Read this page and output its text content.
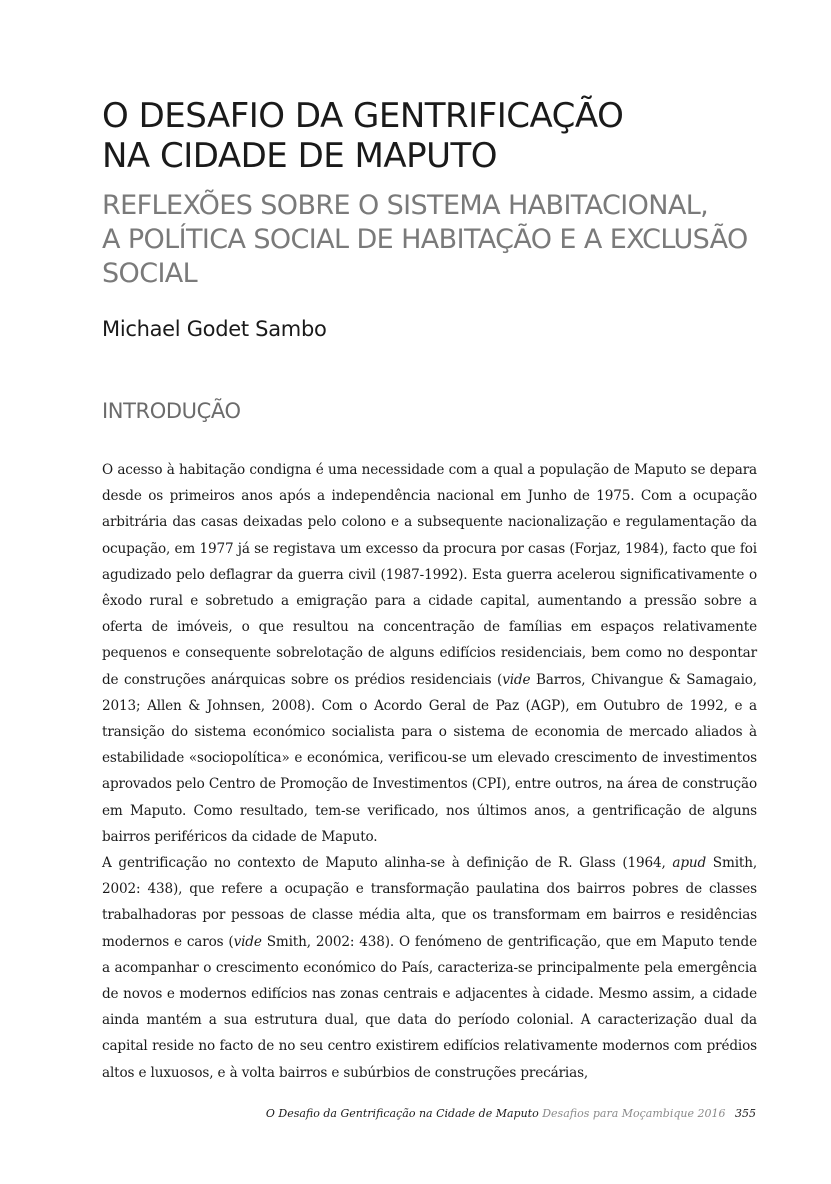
O DESAFIO DA GENTRIFICAÇÃO
NA CIDADE DE MAPUTO
REFLEXÕES SOBRE O SISTEMA HABITACIONAL,
A POLÍTICA SOCIAL DE HABITAÇÃO E A EXCLUSÃO
SOCIAL
Michael Godet Sambo
INTRODUÇÃO

O acesso à habitação condigna é uma necessidade com a qual a população de Maputo se depara desde os primeiros anos após a independência nacional em Junho de 1975. Com a ocupação arbitrária das casas deixadas pelo colono e a subsequente nacionalização e regulamentação da ocupação, em 1977 já se registava um excesso da procura por casas (Forjaz, 1984), facto que foi agudizado pelo deflagrar da guerra civil (1987-1992). Esta guerra acelerou significativamente o êxodo rural e sobretudo a emigração para a cidade capital, aumentando a pressão sobre a oferta de imóveis, o que resultou na concentração de famílias em espaços relativamente pequenos e consequente sobrelotação de alguns edifícios residenciais, bem como no despontar de construções anárquicas sobre os prédios residenciais (vide Barros, Chivangue & Samagaio, 2013; Allen & Johnsen, 2008). Com o Acordo Geral de Paz (AGP), em Outubro de 1992, e a transição do sistema económico socialista para o sistema de economia de mercado aliados à estabilidade «sociopolítica» e económica, verificou-se um elevado crescimento de investimentos aprovados pelo Centro de Promoção de Investimentos (CPI), entre outros, na área de construção em Maputo. Como resultado, tem-se verificado, nos últimos anos, a gentrificação de alguns bairros periféricos da cidade de Maputo.

A gentrificação no contexto de Maputo alinha-se à definição de R. Glass (1964, apud Smith, 2002: 438), que refere a ocupação e transformação paulatina dos bairros pobres de classes trabalhadoras por pessoas de classe média alta, que os transformam em bairros e residências modernos e caros (vide Smith, 2002: 438). O fenómeno de gentrificação, que em Maputo tende a acompanhar o crescimento económico do País, caracteriza-se principalmente pela emergência de novos e modernos edifícios nas zonas centrais e adjacentes à cidade. Mesmo assim, a cidade ainda mantém a sua estrutura dual, que data do período colonial. A caracterização dual da capital reside no facto de no seu centro existirem edifícios relativamente modernos com prédios altos e luxuosos, e à volta bairros e subúrbios de construções precárias,

O Desafio da Gentrificação na Cidade de Maputo Desafios para Moçambique 2016 355
